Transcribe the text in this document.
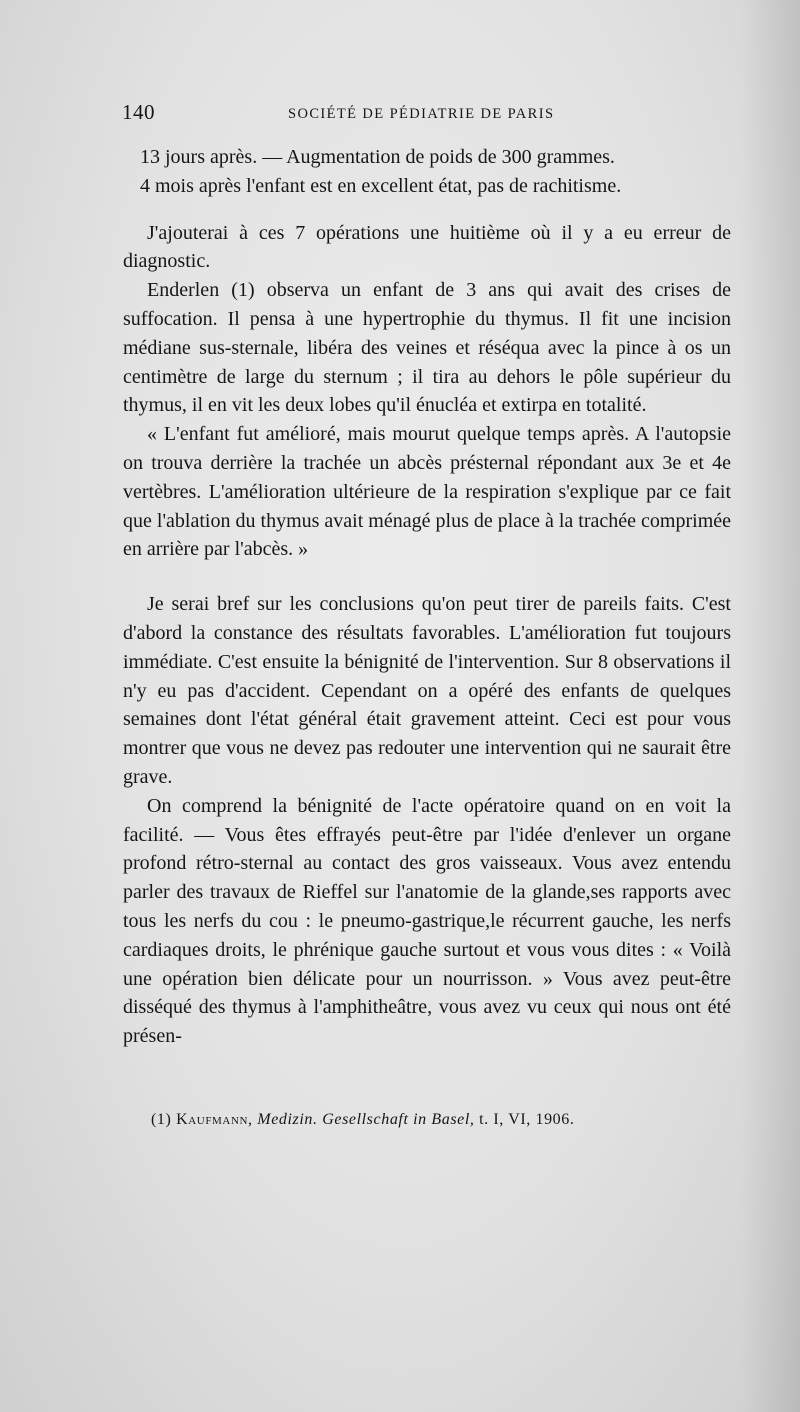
140	SOCIÉTÉ DE PÉDIATRIE DE PARIS

13 jours après. — Augmentation de poids de 300 grammes.

4 mois après l'enfant est en excellent état, pas de rachitisme.

J'ajouterai à ces 7 opérations une huitième où il y a eu erreur de diagnostic.

Enderlen (1) observa un enfant de 3 ans qui avait des crises de suffocation. Il pensa à une hypertrophie du thymus. Il fit une incision médiane sus-sternale, libéra des veines et réséqua avec la pince à os un centimètre de large du sternum ; il tira au dehors le pôle supérieur du thymus, il en vit les deux lobes qu'il énucléa et extirpa en totalité.

« L'enfant fut amélioré, mais mourut quelque temps après. A l'autopsie on trouva derrière la trachée un abcès présternal répondant aux 3e et 4e vertèbres. L'amélioration ultérieure de la respiration s'explique par ce fait que l'ablation du thymus avait ménagé plus de place à la trachée comprimée en arrière par l'abcès. »

Je serai bref sur les conclusions qu'on peut tirer de pareils faits. C'est d'abord la constance des résultats favorables. L'amélioration fut toujours immédiate. C'est ensuite la bénignité de l'intervention. Sur 8 observations il n'y eu pas d'accident. Cependant on a opéré des enfants de quelques semaines dont l'état général était gravement atteint. Ceci est pour vous montrer que vous ne devez pas redouter une intervention qui ne saurait être grave.

On comprend la bénignité de l'acte opératoire quand on en voit la facilité. — Vous êtes effrayés peut-être par l'idée d'enlever un organe profond rétro-sternal au contact des gros vaisseaux. Vous avez entendu parler des travaux de Rieffel sur l'anatomie de la glande,ses rapports avec tous les nerfs du cou : le pneumo-gastrique,le récurrent gauche, les nerfs cardiaques droits, le phrénique gauche surtout et vous vous dites : « Voilà une opération bien délicate pour un nourrisson. » Vous avez peut-être disséqué des thymus à l'amphitheâtre, vous avez vu ceux qui nous ont été présen-

(1) Kaufmann, Medizin. Gesellschaft in Basel, t. I, VI, 1906.
